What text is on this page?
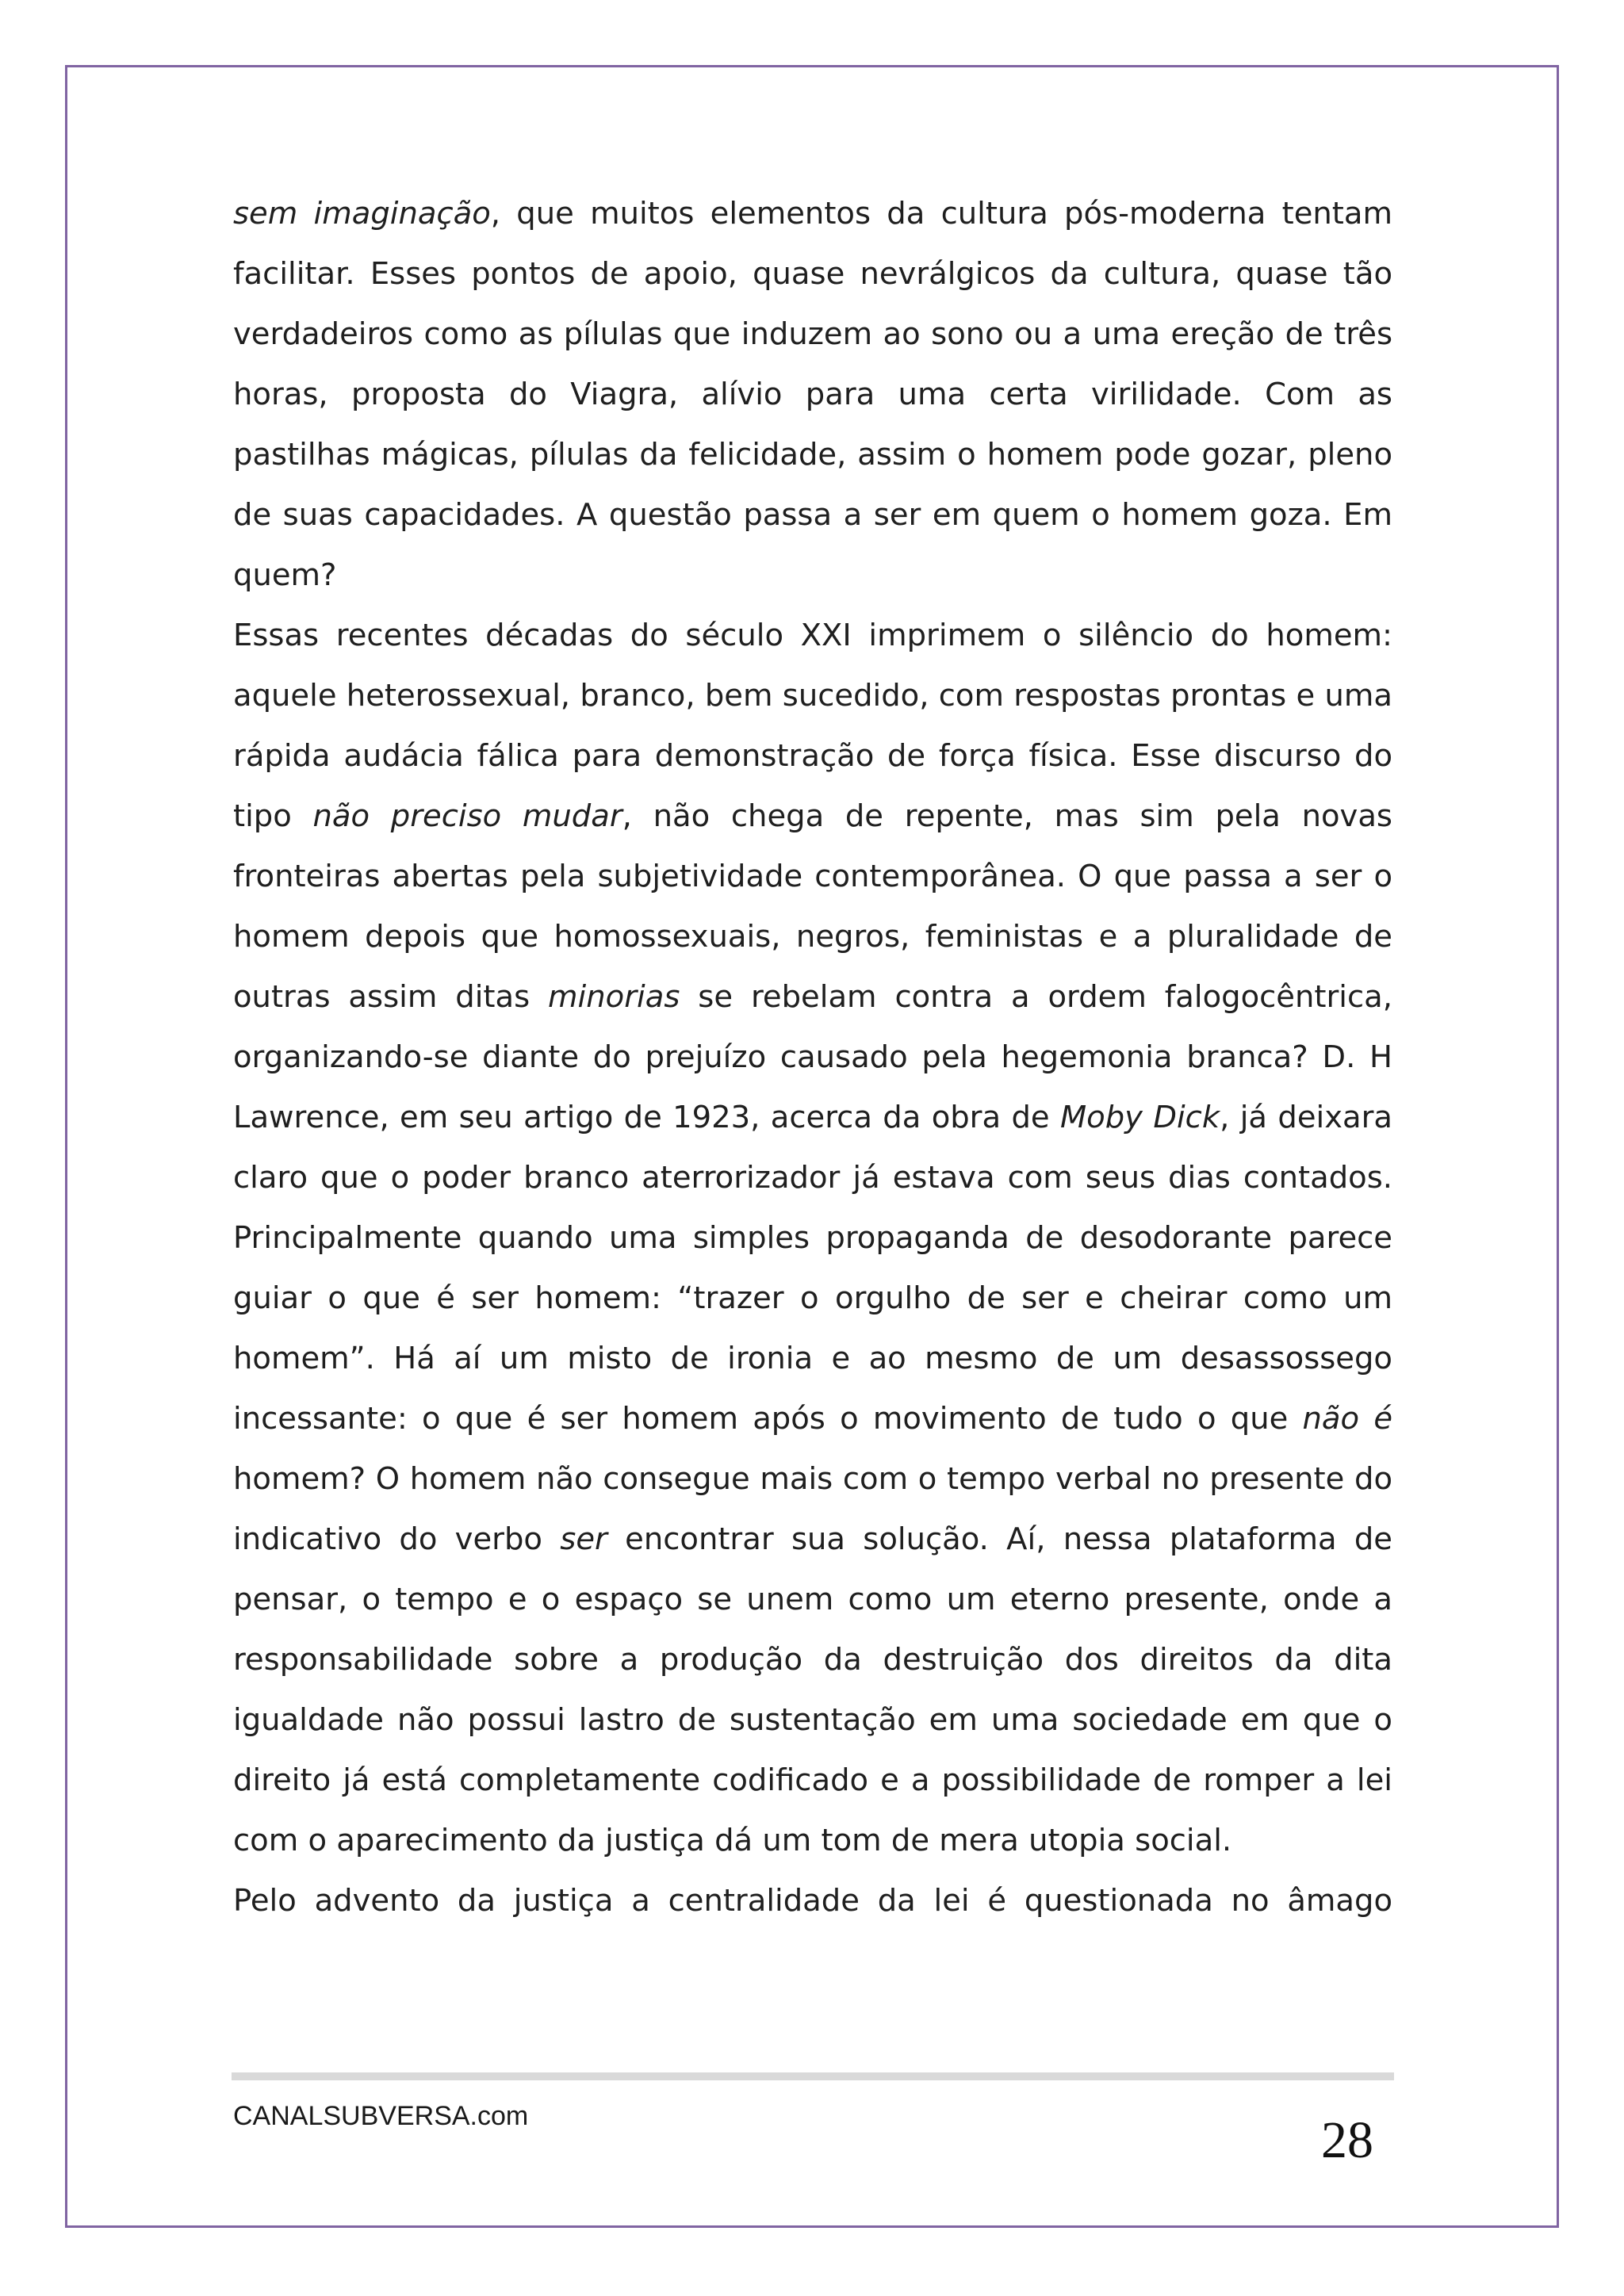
sem imaginação, que muitos elementos da cultura pós-moderna tentam facilitar. Esses pontos de apoio, quase nevrálgicos da cultura, quase tão verdadeiros como as pílulas que induzem ao sono ou a uma ereção de três horas, proposta do Viagra, alívio para uma certa virilidade. Com as pastilhas mágicas, pílulas da felicidade, assim o homem pode gozar, pleno de suas capacidades. A questão passa a ser em quem o homem goza. Em quem?

Essas recentes décadas do século XXI imprimem o silêncio do homem: aquele heterossexual, branco, bem sucedido, com respostas prontas e uma rápida audácia fálica para demonstração de força física. Esse discurso do tipo não preciso mudar, não chega de repente, mas sim pela novas fronteiras abertas pela subjetividade contemporânea. O que passa a ser o homem depois que homossexuais, negros, feministas e a pluralidade de outras assim ditas minorias se rebelam contra a ordem falogocêntrica, organizando-se diante do prejuízo causado pela hegemonia branca? D. H Lawrence, em seu artigo de 1923, acerca da obra de Moby Dick, já deixara claro que o poder branco aterrorizador já estava com seus dias contados. Principalmente quando uma simples propaganda de desodorante parece guiar o que é ser homem: “trazer o orgulho de ser e cheirar como um homem”. Há aí um misto de ironia e ao mesmo de um desassossego incessante: o que é ser homem após o movimento de tudo o que não é homem? O homem não consegue mais com o tempo verbal no presente do indicativo do verbo ser encontrar sua solução. Aí, nessa plataforma de pensar, o tempo e o espaço se unem como um eterno presente, onde a responsabilidade sobre a produção da destruição dos direitos da dita igualdade não possui lastro de sustentação em uma sociedade em que o direito já está completamente codificado e a possibilidade de romper a lei com o aparecimento da justiça dá um tom de mera utopia social.

Pelo advento da justiça a centralidade da lei é questionada no âmago

CANALSUBVERSA.com	28
